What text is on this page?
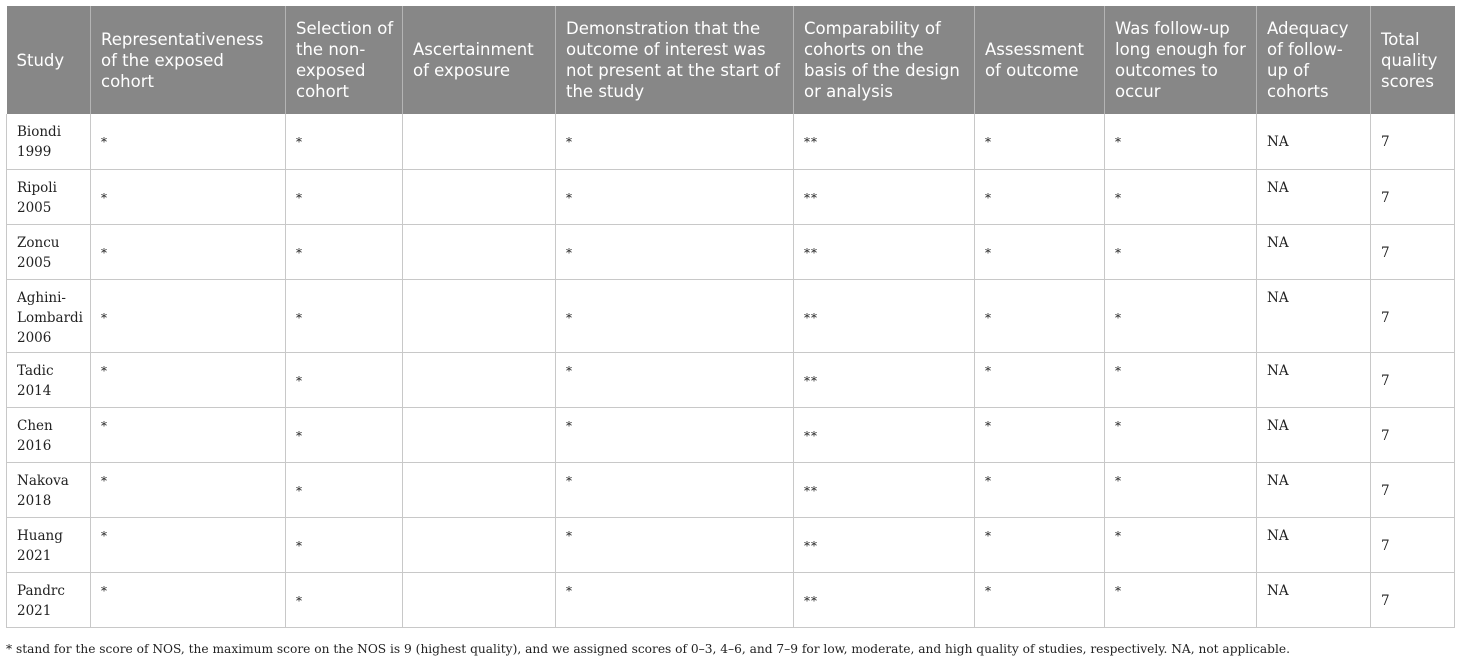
Study	Representativeness of the exposed cohort	Selection of the non-exposed cohort	Ascertainment of exposure	Demonstration that the outcome of interest was not present at the start of the study	Comparability of cohorts on the basis of the design or analysis	Assessment of outcome	Was follow-up long enough for outcomes to occur	Adequacy of follow-up of cohorts	Total quality scores
Biondi 1999	*	*		*	**	*	*	NA	7
Ripoli 2005	*	*		*	**	*	*	NA	7
Zoncu 2005	*	*		*	**	*	*	NA	7
Aghini-Lombardi 2006	*	*		*	**	*	*	NA	7
Tadic 2014	*	*		*	**	*	*	NA	7
Chen 2016	*	*		*	**	*	*	NA	7
Nakova 2018	*	*		*	**	*	*	NA	7
Huang 2021	*	*		*	**	*	*	NA	7
Pandrc 2021	*	*		*	**	*	*	NA	7
* stand for the score of NOS, the maximum score on the NOS is 9 (highest quality), and we assigned scores of 0–3, 4–6, and 7–9 for low, moderate, and high quality of studies, respectively. NA, not applicable.
